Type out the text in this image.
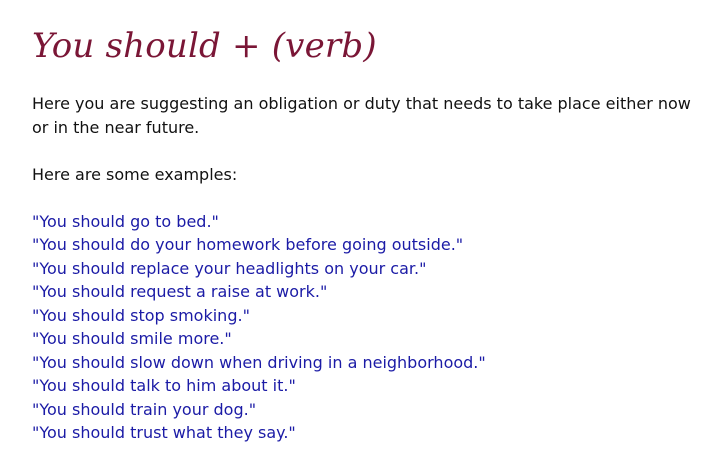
You should + (verb)

Here you are suggesting an obligation or duty that needs to take place either now or in the near future.

Here are some examples:

"You should go to bed."
"You should do your homework before going outside."
"You should replace your headlights on your car."
"You should request a raise at work."
"You should stop smoking."
"You should smile more."
"You should slow down when driving in a neighborhood."
"You should talk to him about it."
"You should train your dog."
"You should trust what they say."
